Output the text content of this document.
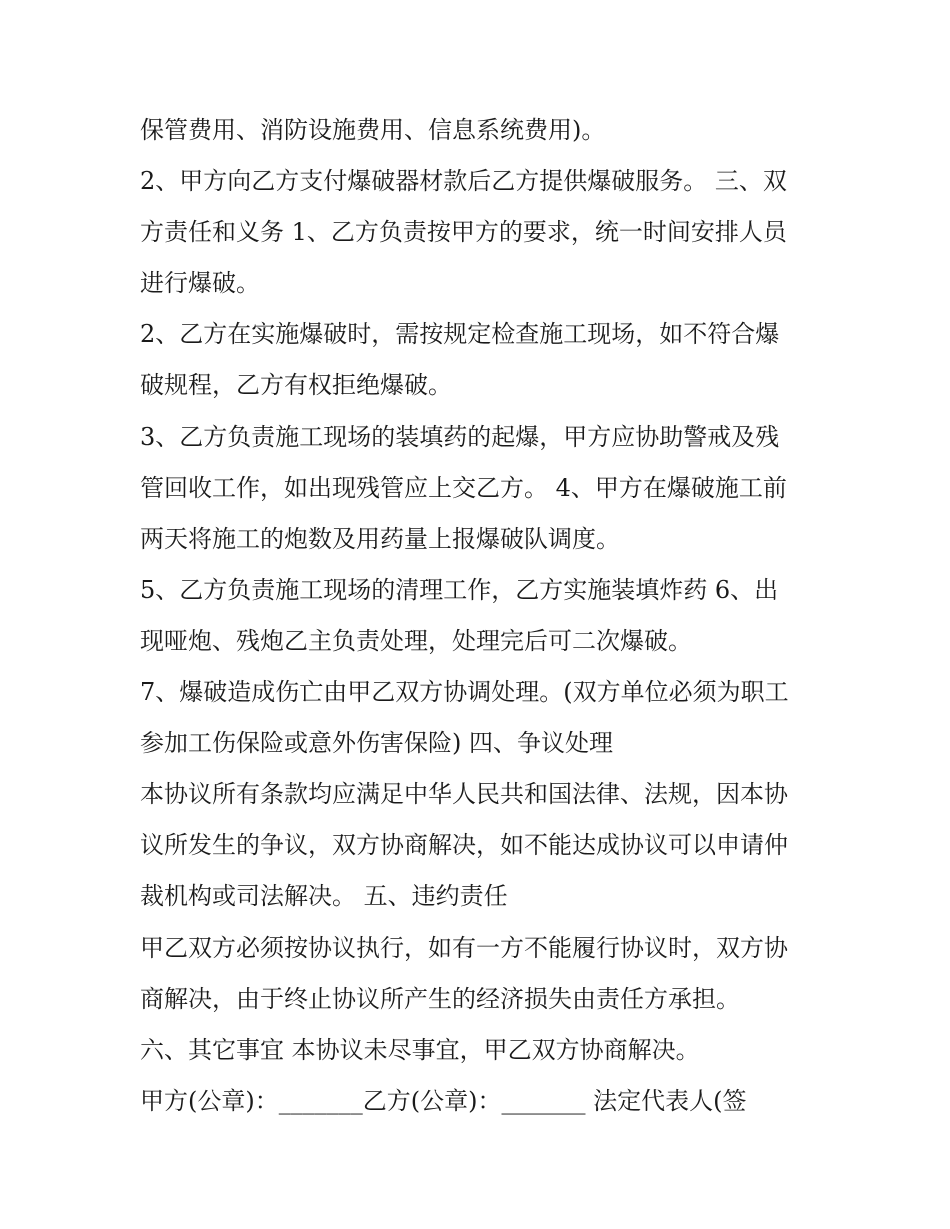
保管费用、消防设施费用、信息系统费用)。
2、甲方向乙方支付爆破器材款后乙方提供爆破服务。 三、双
方责任和义务 1、乙方负责按甲方的要求，统一时间安排人员
进行爆破。
2、乙方在实施爆破时，需按规定检查施工现场，如不符合爆
破规程，乙方有权拒绝爆破。
3、乙方负责施工现场的装填药的起爆，甲方应协助警戒及残
管回收工作，如出现残管应上交乙方。 4、甲方在爆破施工前
两天将施工的炮数及用药量上报爆破队调度。
5、乙方负责施工现场的清理工作，乙方实施装填炸药 6、出
现哑炮、残炮乙主负责处理，处理完后可二次爆破。
7、爆破造成伤亡由甲乙双方协调处理。(双方单位必须为职工
参加工伤保险或意外伤害保险) 四、争议处理
本协议所有条款均应满足中华人民共和国法律、法规，因本协
议所发生的争议，双方协商解决，如不能达成协议可以申请仲
裁机构或司法解决。 五、违约责任
甲乙双方必须按协议执行，如有一方不能履行协议时，双方协
商解决，由于终止协议所产生的经济损失由责任方承担。
六、其它事宜 本协议未尽事宜，甲乙双方协商解决。
甲方(公章)：_______乙方(公章)：_______ 法定代表人(签
